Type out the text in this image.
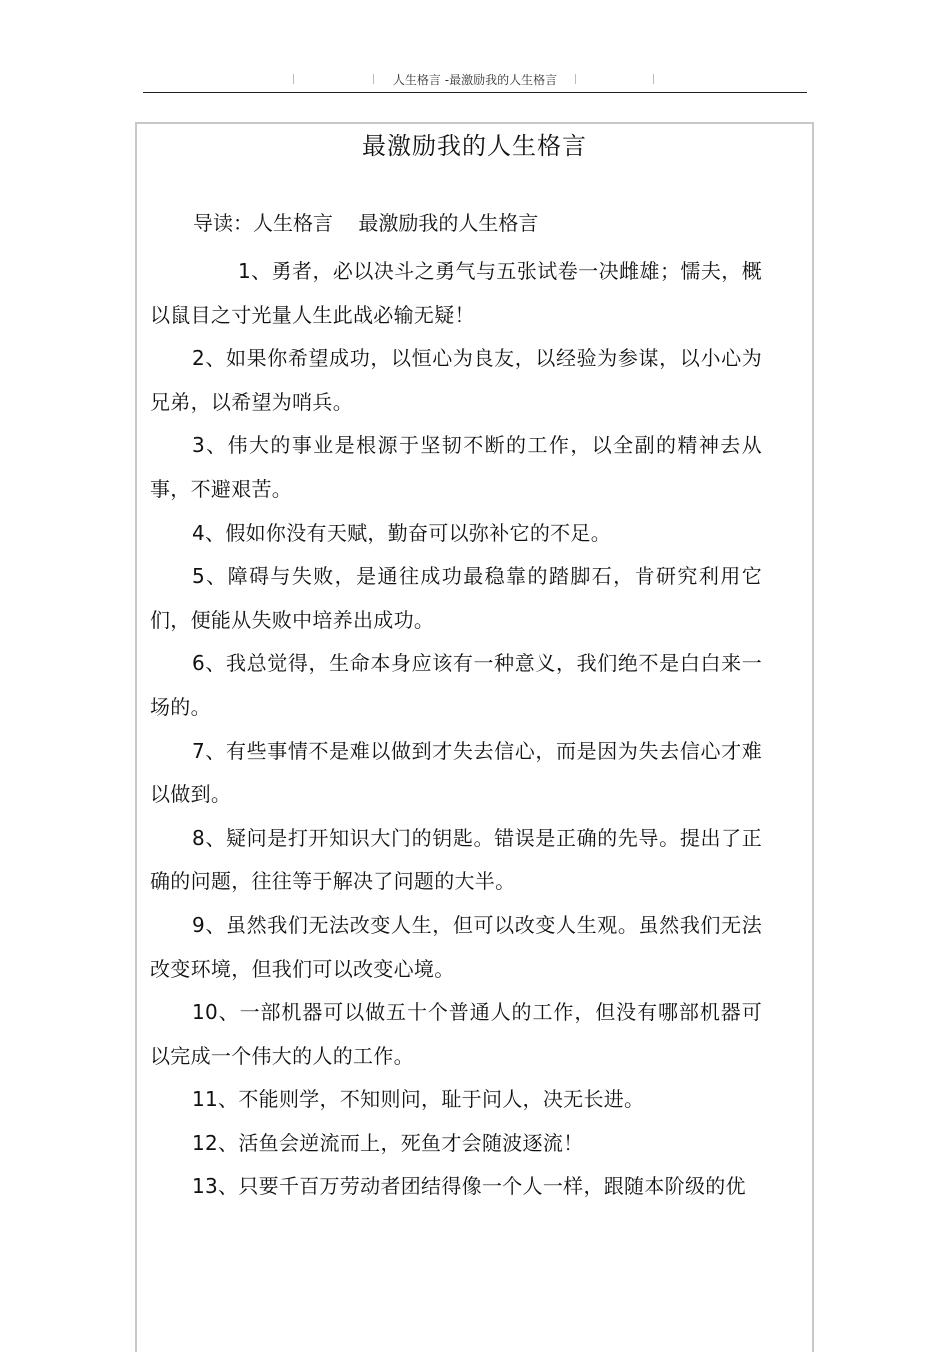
人生格言 -最激励我的人生格言
最激励我的人生格言
导读：人生格言    最激励我的人生格言

1、勇者，必以决斗之勇气与五张试卷一决雌雄；懦夫，概以鼠目之寸光量人生此战必输无疑！

2、如果你希望成功，以恒心为良友，以经验为参谋，以小心为兄弟，以希望为哨兵。

3、伟大的事业是根源于坚韧不断的工作，以全副的精神去从事，不避艰苦。

4、假如你没有天赋，勤奋可以弥补它的不足。

5、障碍与失败，是通往成功最稳靠的踏脚石，肯研究利用它们，便能从失败中培养出成功。

6、我总觉得，生命本身应该有一种意义，我们绝不是白白来一场的。

7、有些事情不是难以做到才失去信心，而是因为失去信心才难以做到。

8、疑问是打开知识大门的钥匙。错误是正确的先导。提出了正确的问题，往往等于解决了问题的大半。

9、虽然我们无法改变人生，但可以改变人生观。虽然我们无法改变环境，但我们可以改变心境。

10、一部机器可以做五十个普通人的工作，但没有哪部机器可以完成一个伟大的人的工作。

11、不能则学，不知则问，耻于问人，决无长进。

12、活鱼会逆流而上，死鱼才会随波逐流！

13、只要千百万劳动者团结得像一个人一样，跟随本阶级的优
